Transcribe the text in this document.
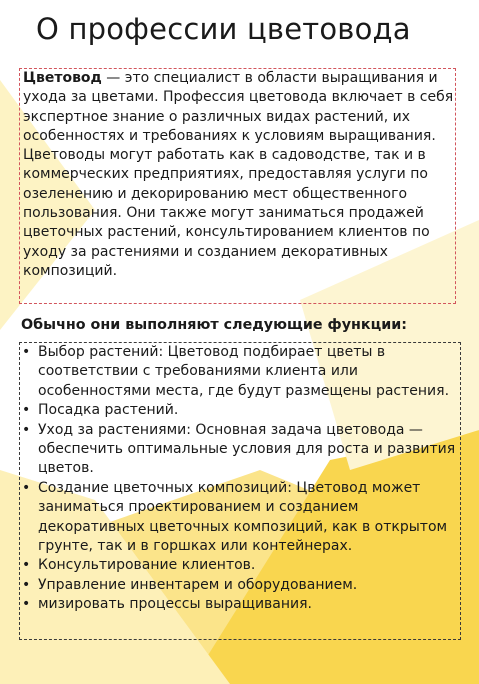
О профессии цветовода

Цветовод — это специалист в области выращивания и ухода за цветами. Профессия цветовода включает в себя экспертное знание о различных видах растений, их особенностях и требованиях к условиям выращивания. Цветоводы могут работать как в садоводстве, так и в коммерческих предприятиях, предоставляя услуги по озеленению и декорированию мест общественного пользования. Они также могут заниматься продажей цветочных растений, консультированием клиентов по уходу за растениями и созданием декоративных композиций.

Обычно они выполняют следующие функции:

• Выбор растений: Цветовод подбирает цветы в соответствии с требованиями клиента или особенностями места, где будут размещены растения.
• Посадка растений.
• Уход за растениями: Основная задача цветовода — обеспечить оптимальные условия для роста и развития цветов.
• Создание цветочных композиций: Цветовод может заниматься проектированием и созданием декоративных цветочных композиций, как в открытом грунте, так и в горшках или контейнерах.
• Консультирование клиентов.
• Управление инвентарем и оборудованием.
• мизировать процессы выращивания.
